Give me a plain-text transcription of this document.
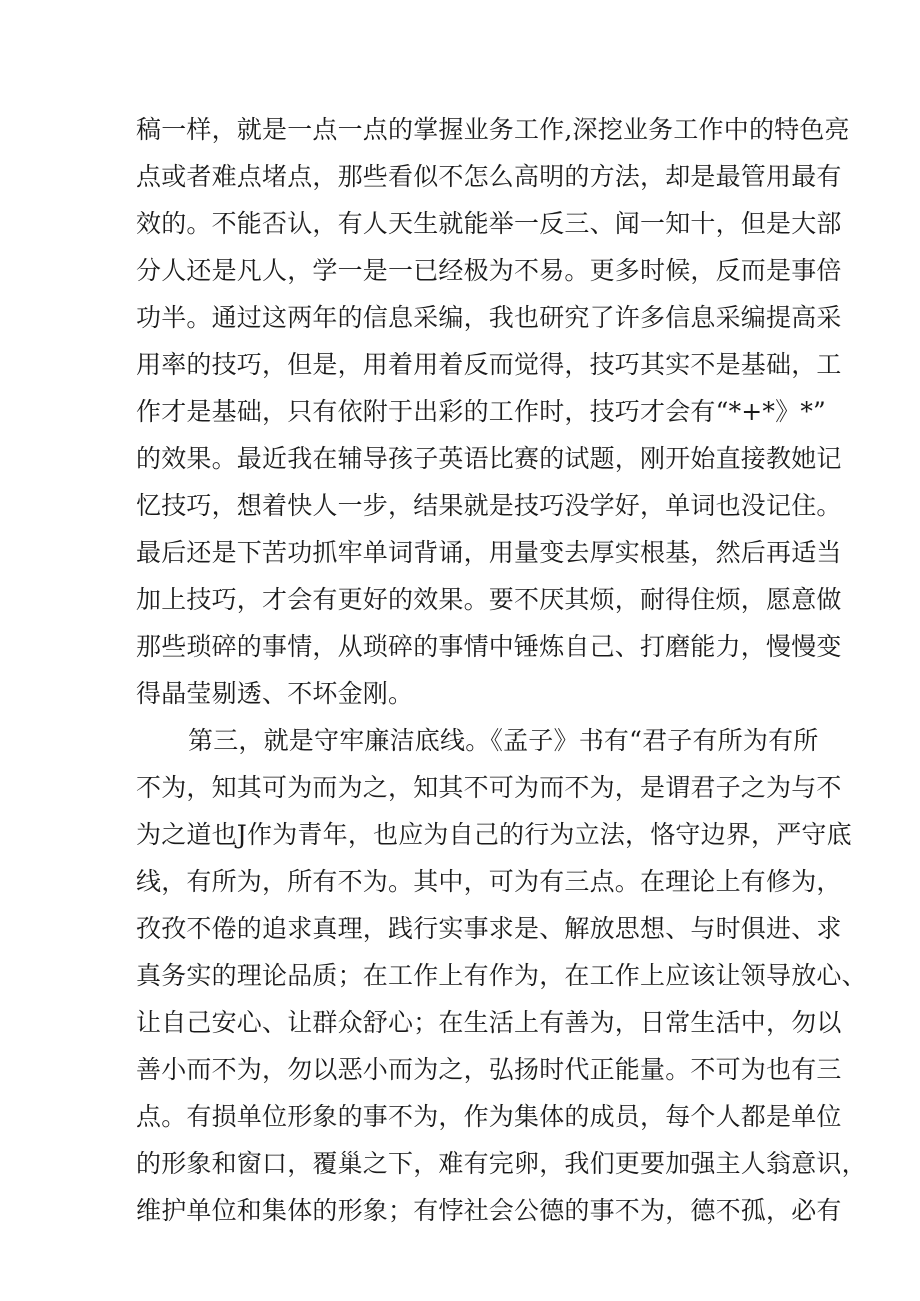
稿一样，就是一点一点的掌握业务工作,深挖业务工作中的特色亮
点或者难点堵点，那些看似不怎么高明的方法，却是最管用最有
效的。不能否认，有人天生就能举一反三、闻一知十，但是大部
分人还是凡人，学一是一已经极为不易。更多时候，反而是事倍
功半。通过这两年的信息采编，我也研究了许多信息采编提高采
用率的技巧，但是，用着用着反而觉得，技巧其实不是基础，工
作才是基础，只有依附于出彩的工作时，技巧才会有“*+*》*”
的效果。最近我在辅导孩子英语比赛的试题，刚开始直接教她记
忆技巧，想着快人一步，结果就是技巧没学好，单词也没记住。
最后还是下苦功抓牢单词背诵，用量变去厚实根基，然后再适当
加上技巧，才会有更好的效果。要不厌其烦，耐得住烦，愿意做
那些琐碎的事情，从琐碎的事情中锤炼自己、打磨能力，慢慢变
得晶莹剔透、不坏金刚。
第三，就是守牢廉洁底线。《孟子》书有“君子有所为有所
不为，知其可为而为之，知其不可为而不为，是谓君子之为与不
为之道也J作为青年，也应为自己的行为立法，恪守边界，严守底
线，有所为，所有不为。其中，可为有三点。在理论上有修为，
孜孜不倦的追求真理，践行实事求是、解放思想、与时俱进、求
真务实的理论品质；在工作上有作为，在工作上应该让领导放心、
让自己安心、让群众舒心；在生活上有善为，日常生活中，勿以
善小而不为，勿以恶小而为之，弘扬时代正能量。不可为也有三
点。有损单位形象的事不为，作为集体的成员，每个人都是单位
的形象和窗口，覆巢之下，难有完卵，我们更要加强主人翁意识，
维护单位和集体的形象；有悖社会公德的事不为，德不孤，必有
